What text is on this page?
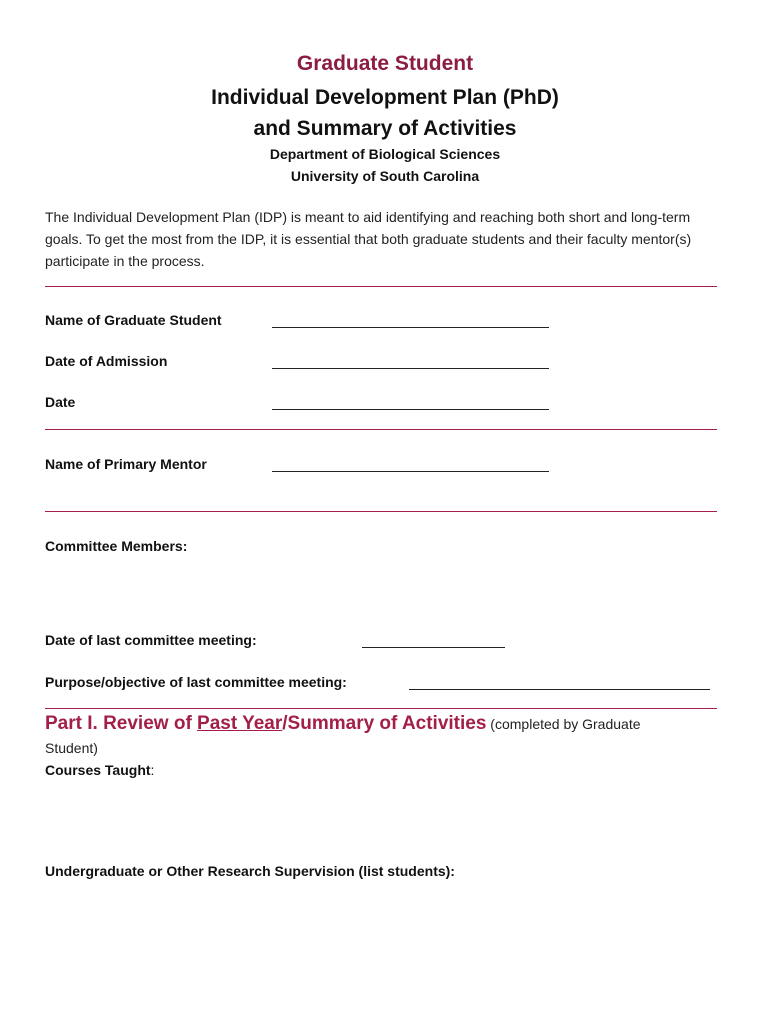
Graduate Student
Individual Development Plan (PhD)
and Summary of Activities
Department of Biological Sciences
University of South Carolina
The Individual Development Plan (IDP) is meant to aid identifying and reaching both short and long-term goals. To get the most from the IDP, it is essential that both graduate students and their faculty mentor(s) participate in the process.
Name of Graduate Student
Date of Admission
Date
Name of Primary Mentor
Committee Members:
Date of last committee meeting:
Purpose/objective of last committee meeting:
Part I. Review of Past Year/Summary of Activities (completed by Graduate
Student)
Courses Taught:
Undergraduate or Other Research Supervision (list students):
